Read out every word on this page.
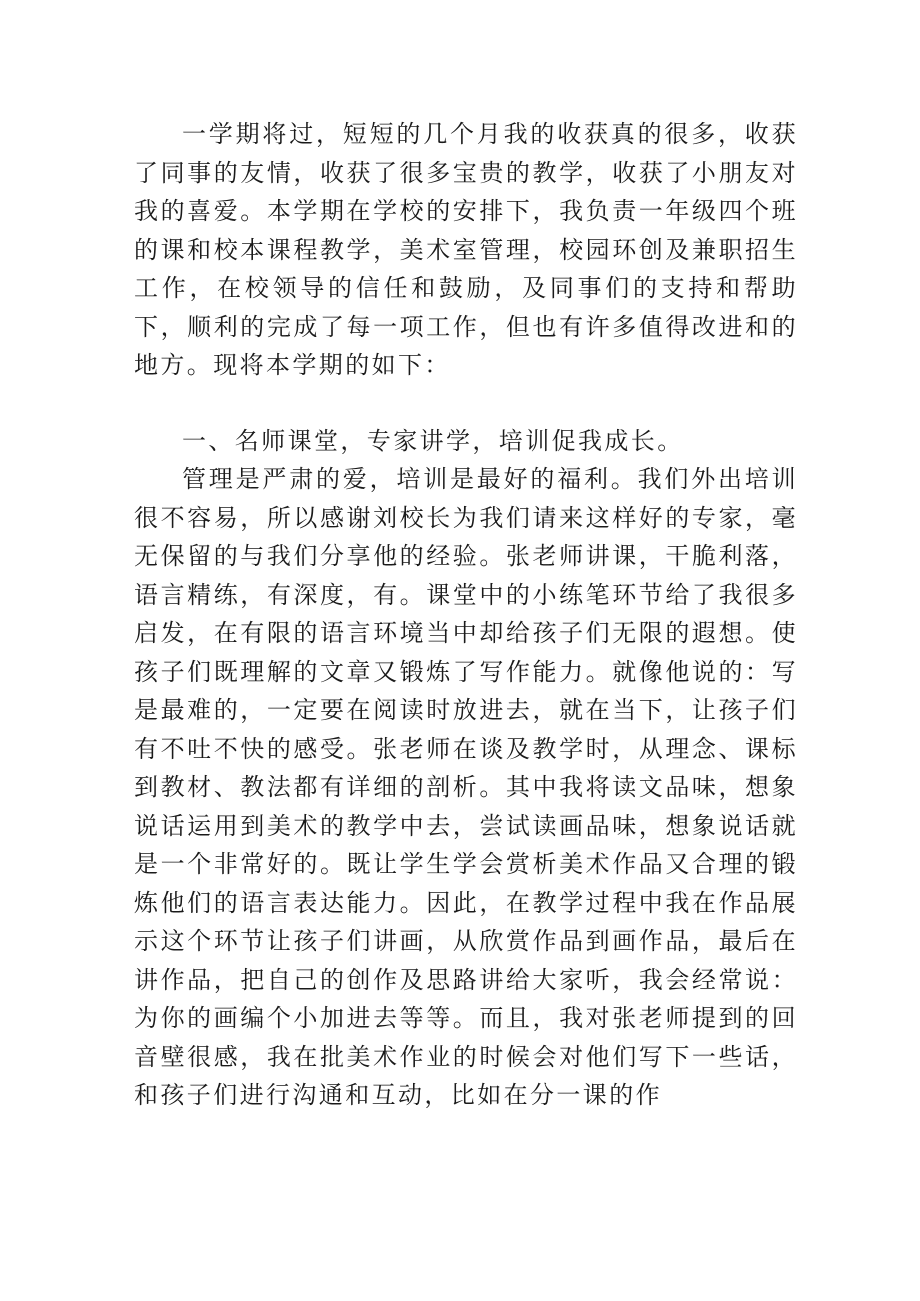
一学期将过，短短的几个月我的收获真的很多，收获了同事的友情，收获了很多宝贵的教学，收获了小朋友对我的喜爱。本学期在学校的安排下，我负责一年级四个班的课和校本课程教学，美术室管理，校园环创及兼职招生工作，在校领导的信任和鼓励，及同事们的支持和帮助下，顺利的完成了每一项工作，但也有许多值得改进和的地方。现将本学期的如下：

一、名师课堂，专家讲学，培训促我成长。

管理是严肃的爱，培训是最好的福利。我们外出培训很不容易，所以感谢刘校长为我们请来这样好的专家，毫无保留的与我们分享他的经验。张老师讲课，干脆利落，语言精练，有深度，有。课堂中的小练笔环节给了我很多启发，在有限的语言环境当中却给孩子们无限的遐想。使孩子们既理解的文章又锻炼了写作能力。就像他说的：写是最难的，一定要在阅读时放进去，就在当下，让孩子们有不吐不快的感受。张老师在谈及教学时，从理念、课标到教材、教法都有详细的剖析。其中我将读文品味，想象说话运用到美术的教学中去，尝试读画品味，想象说话就是一个非常好的。既让学生学会赏析美术作品又合理的锻炼他们的语言表达能力。因此，在教学过程中我在作品展示这个环节让孩子们讲画，从欣赏作品到画作品，最后在讲作品，把自己的创作及思路讲给大家听，我会经常说：为你的画编个小加进去等等。而且，我对张老师提到的回音壁很感，我在批美术作业的时候会对他们写下一些话，和孩子们进行沟通和互动，比如在分一课的作
